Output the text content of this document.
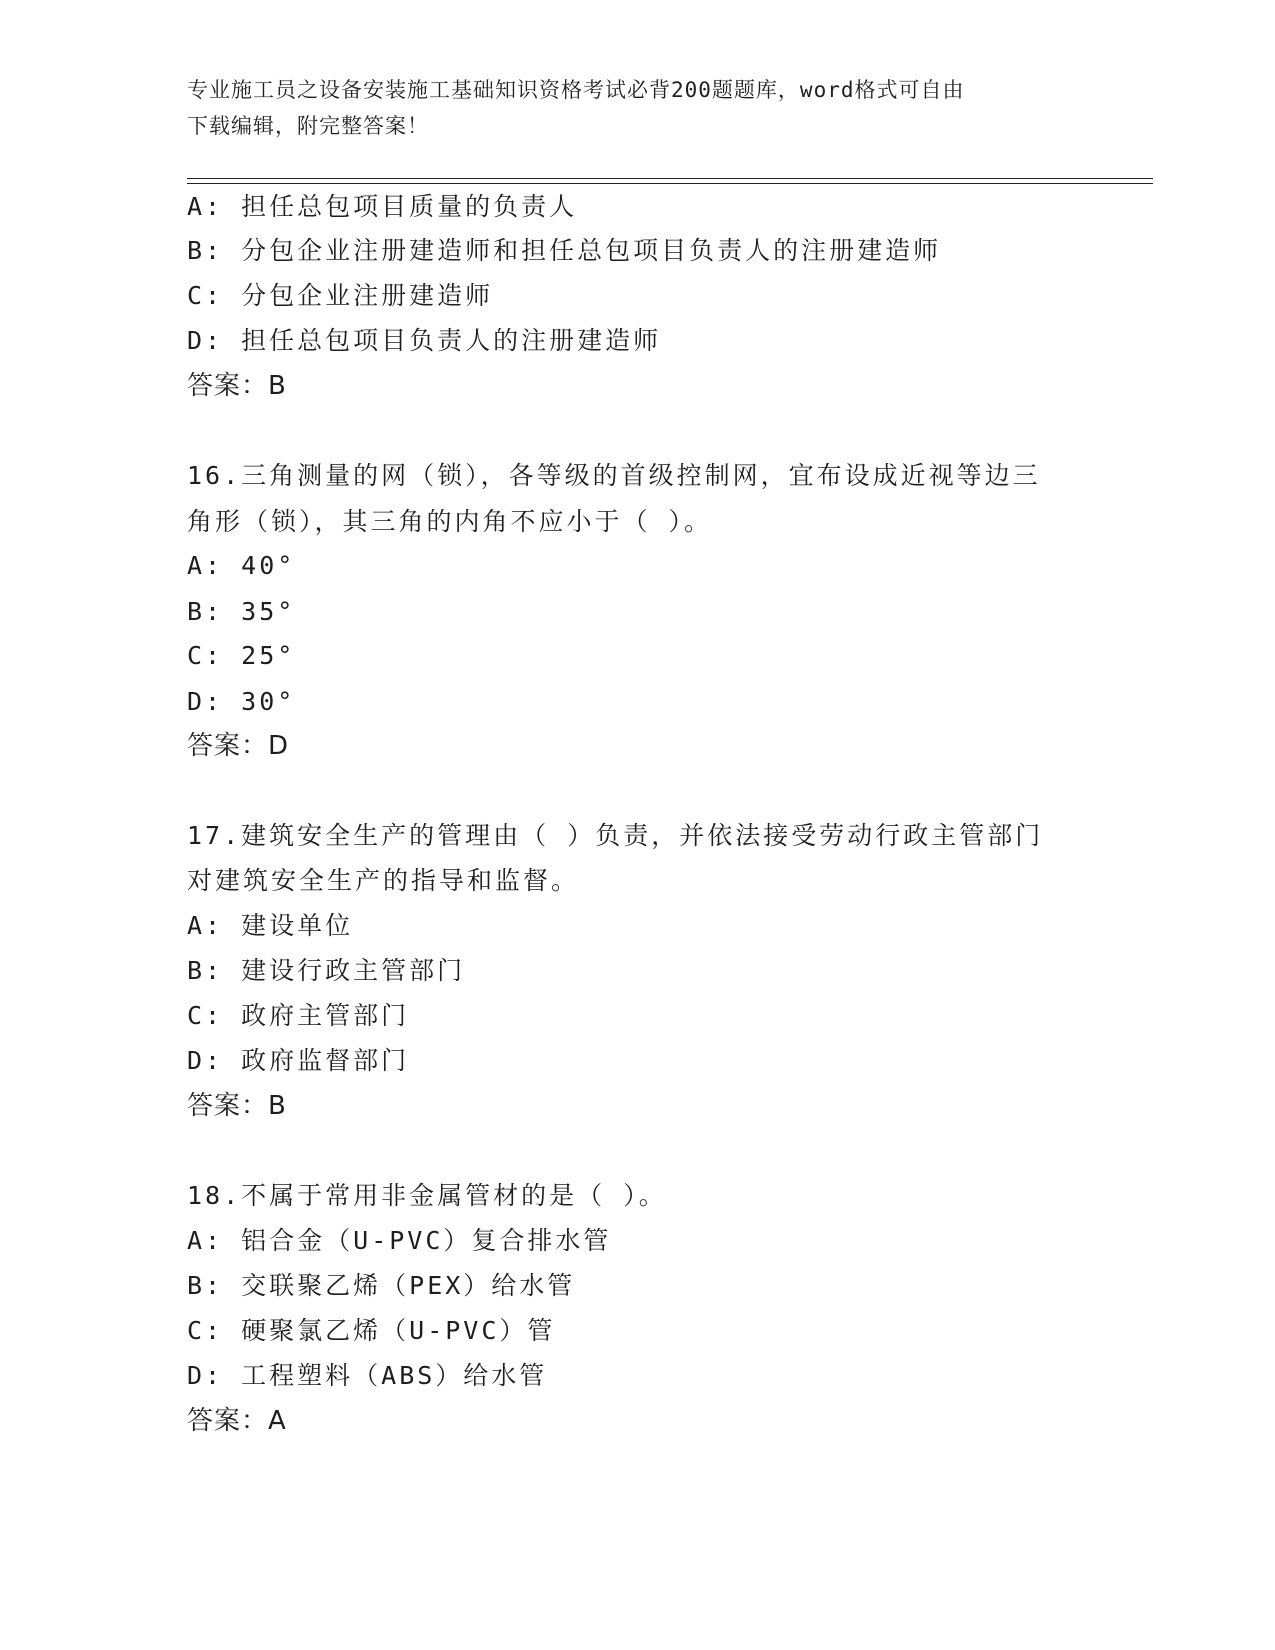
专业施工员之设备安装施工基础知识资格考试必背200题题库，word格式可自由
下载编辑，附完整答案！
A: 担任总包项目质量的负责人
B: 分包企业注册建造师和担任总包项目负责人的注册建造师
C: 分包企业注册建造师
D: 担任总包项目负责人的注册建造师
答案：B
16.三角测量的网（锁），各等级的首级控制网，宜布设成近视等边三
角形（锁），其三角的内角不应小于（ ）。
A: 40°
B: 35°
C: 25°
D: 30°
答案：D
17.建筑安全生产的管理由（ ）负责，并依法接受劳动行政主管部门
对建筑安全生产的指导和监督。
A: 建设单位
B: 建设行政主管部门
C: 政府主管部门
D: 政府监督部门
答案：B
18.不属于常用非金属管材的是（ ）。
A: 铝合金（U-PVC）复合排水管
B: 交联聚乙烯（PEX）给水管
C: 硬聚氯乙烯（U-PVC）管
D: 工程塑料（ABS）给水管
答案：A
